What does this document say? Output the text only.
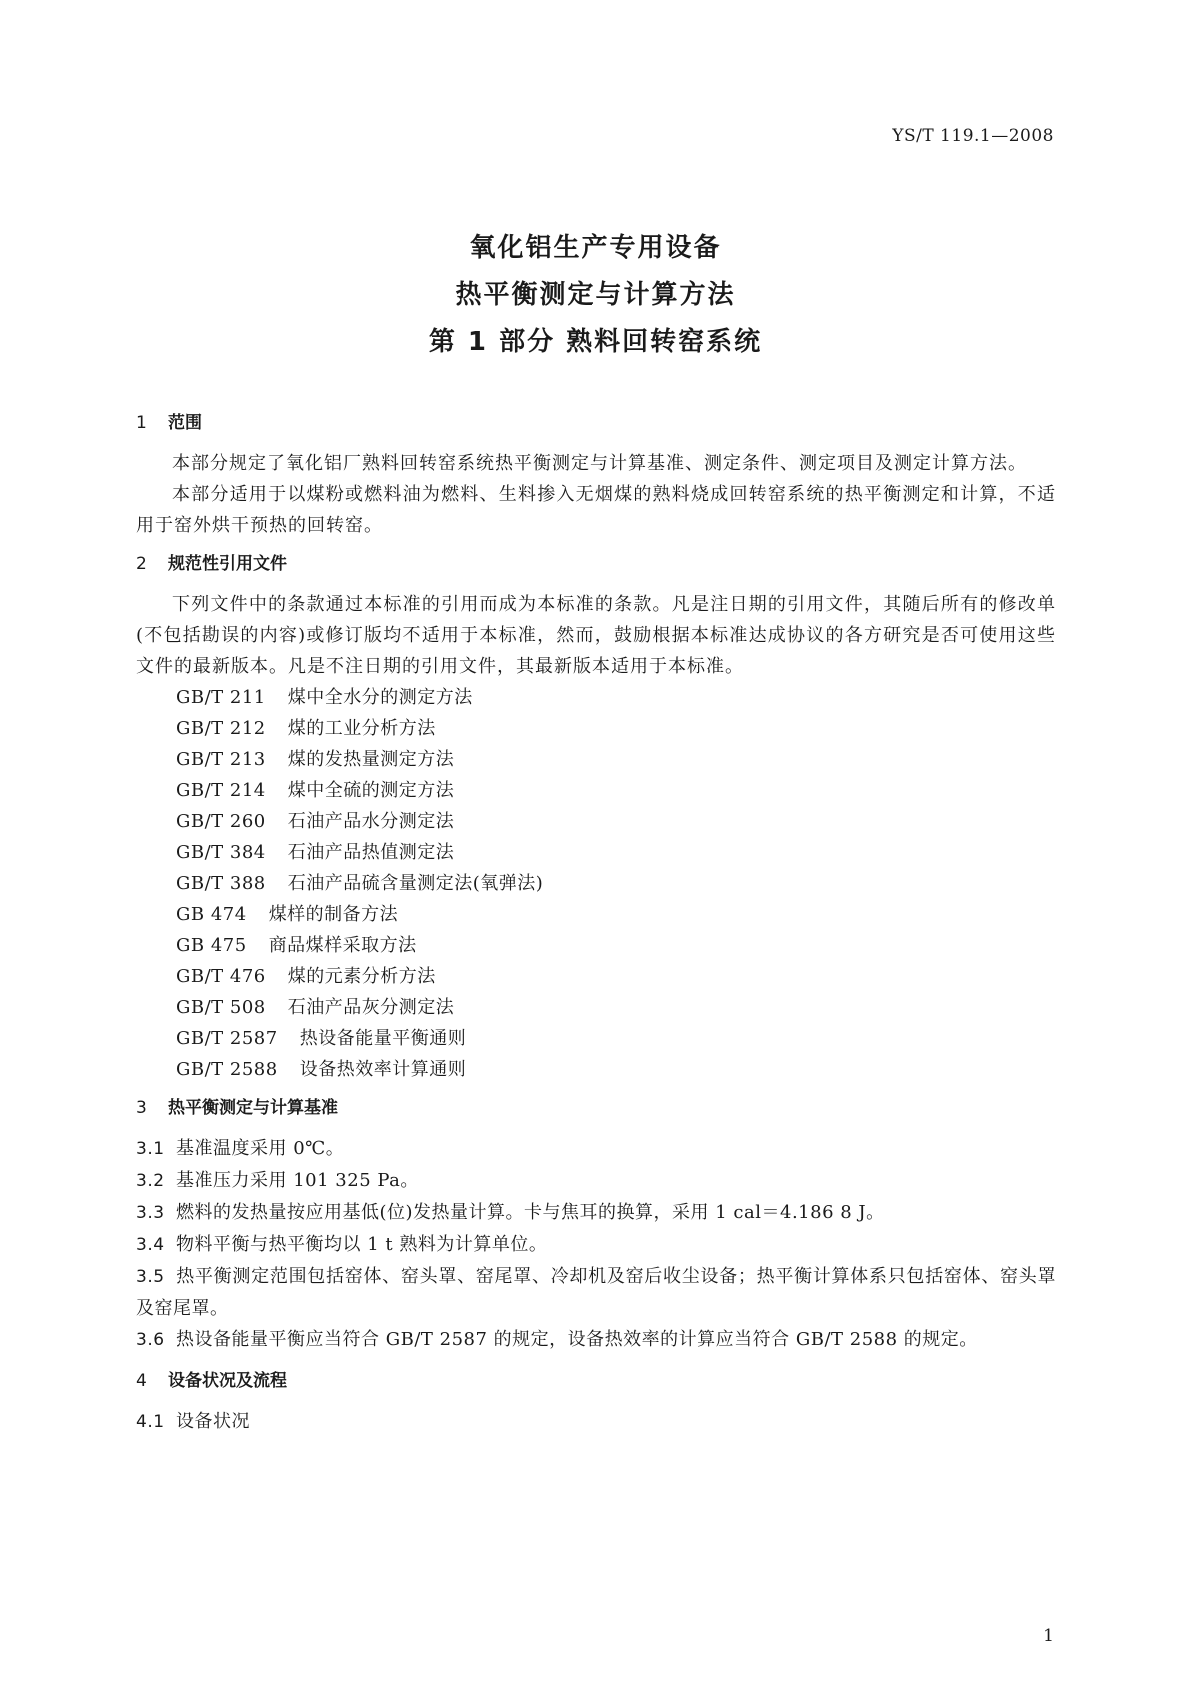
YS/T 119.1—2008
氧化铝生产专用设备
热平衡测定与计算方法
第 1 部分 熟料回转窑系统
1 范围
本部分规定了氧化铝厂熟料回转窑系统热平衡测定与计算基准、测定条件、测定项目及测定计算方法。
本部分适用于以煤粉或燃料油为燃料、生料掺入无烟煤的熟料烧成回转窑系统的热平衡测定和计算，不适用于窑外烘干预热的回转窑。
2 规范性引用文件
下列文件中的条款通过本标准的引用而成为本标准的条款。凡是注日期的引用文件，其随后所有的修改单(不包括勘误的内容)或修订版均不适用于本标准，然而，鼓励根据本标准达成协议的各方研究是否可使用这些文件的最新版本。凡是不注日期的引用文件，其最新版本适用于本标准。
GB/T 211 煤中全水分的测定方法
GB/T 212 煤的工业分析方法
GB/T 213 煤的发热量测定方法
GB/T 214 煤中全硫的测定方法
GB/T 260 石油产品水分测定法
GB/T 384 石油产品热值测定法
GB/T 388 石油产品硫含量测定法(氧弹法)
GB 474 煤样的制备方法
GB 475 商品煤样采取方法
GB/T 476 煤的元素分析方法
GB/T 508 石油产品灰分测定法
GB/T 2587 热设备能量平衡通则
GB/T 2588 设备热效率计算通则
3 热平衡测定与计算基准
3.1 基准温度采用 0℃。
3.2 基准压力采用 101 325 Pa。
3.3 燃料的发热量按应用基低(位)发热量计算。卡与焦耳的换算，采用 1 cal＝4.186 8 J。
3.4 物料平衡与热平衡均以 1 t 熟料为计算单位。
3.5 热平衡测定范围包括窑体、窑头罩、窑尾罩、冷却机及窑后收尘设备；热平衡计算体系只包括窑体、窑头罩及窑尾罩。
3.6 热设备能量平衡应当符合 GB/T 2587 的规定，设备热效率的计算应当符合 GB/T 2588 的规定。
4 设备状况及流程
4.1 设备状况
1
